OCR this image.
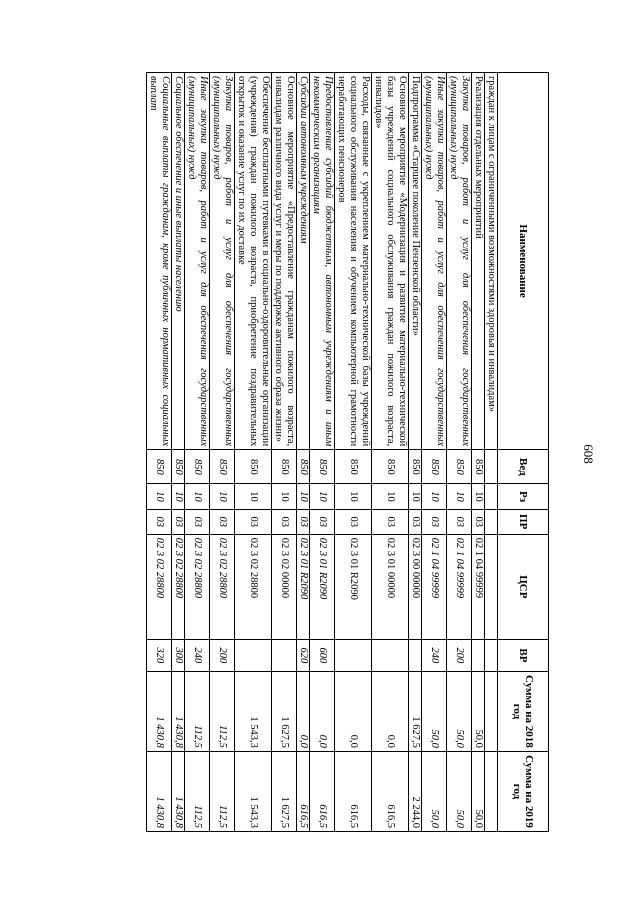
608
Наименование	Вед	Рз	ПР	ЦСР	ВР	Сумма на 2018 год	Сумма на 2019 год
граждан к лицам с ограниченными возможностями здоровья и инвалидам»							
Реализация отдельных мероприятий	850	10	03	02 1 04 99999		50,0	50,0
Закупка товаров, работ и услуг для обеспечения государственных (муниципальных) нужд	850	10	03	02 1 04 99999	200	50,0	50,0
Иные закупки товаров, работ и услуг для обеспечения государственных (муниципальных) нужд	850	10	03	02 1 04 99999	240	50,0	50,0
Подпрограмма «Старшее поколение Пензенской области»	850	10	03	02 3 00 00000		1 627,5	2 244,0
Основное мероприятие «Модернизация и развитие материально-технической базы учреждений социального обслуживания граждан пожилого возраста, инвалидов»	850	10	03	02 3 01 00000		0,0	616,5
Расходы, связанные с укреплением материально-технической базы учреждений социального обслуживания населения и обучением компьютерной грамотности неработающих пенсионеров	850	10	03	02 3 01 R2090		0,0	616,5
Предоставление субсидий бюджетным, автономным учреждениям и иным некоммерческим организациям	850	10	03	02 3 01 R2090	600	0,0	616,5
Субсидии автономным учреждениям	850	10	03	02 3 01 R2090	620	0,0	616,5
Основное мероприятие «Предоставление гражданам пожилого возраста, инвалидам различного вида услуг и меры по поддержке активного образа жизни»	850	10	03	02 3 02 00000		1 627,5	1 627,5
Обеспечение бесплатными путевками в социально-оздоровительные организации (учреждения) граждан пожилого возраста, приобретение поздравительных открыток и оказание услуг по их доставке	850	10	03	02 3 02 28800		1 543,3	1 543,3
Закупка товаров, работ и услуг для обеспечения государственных (муниципальных) нужд	850	10	03	02 3 02 28800	200	112,5	112,5
Иные закупки товаров, работ и услуг для обеспечения государственных (муниципальных) нужд	850	10	03	02 3 02 28800	240	112,5	112,5
Социальное обеспечение и иные выплаты населению	850	10	03	02 3 02 28800	300	1 430,8	1 430,8
Социальные выплаты гражданам, кроме публичных нормативных социальных выплат	850	10	03	02 3 02 28800	320	1 430,8	1 430,8
